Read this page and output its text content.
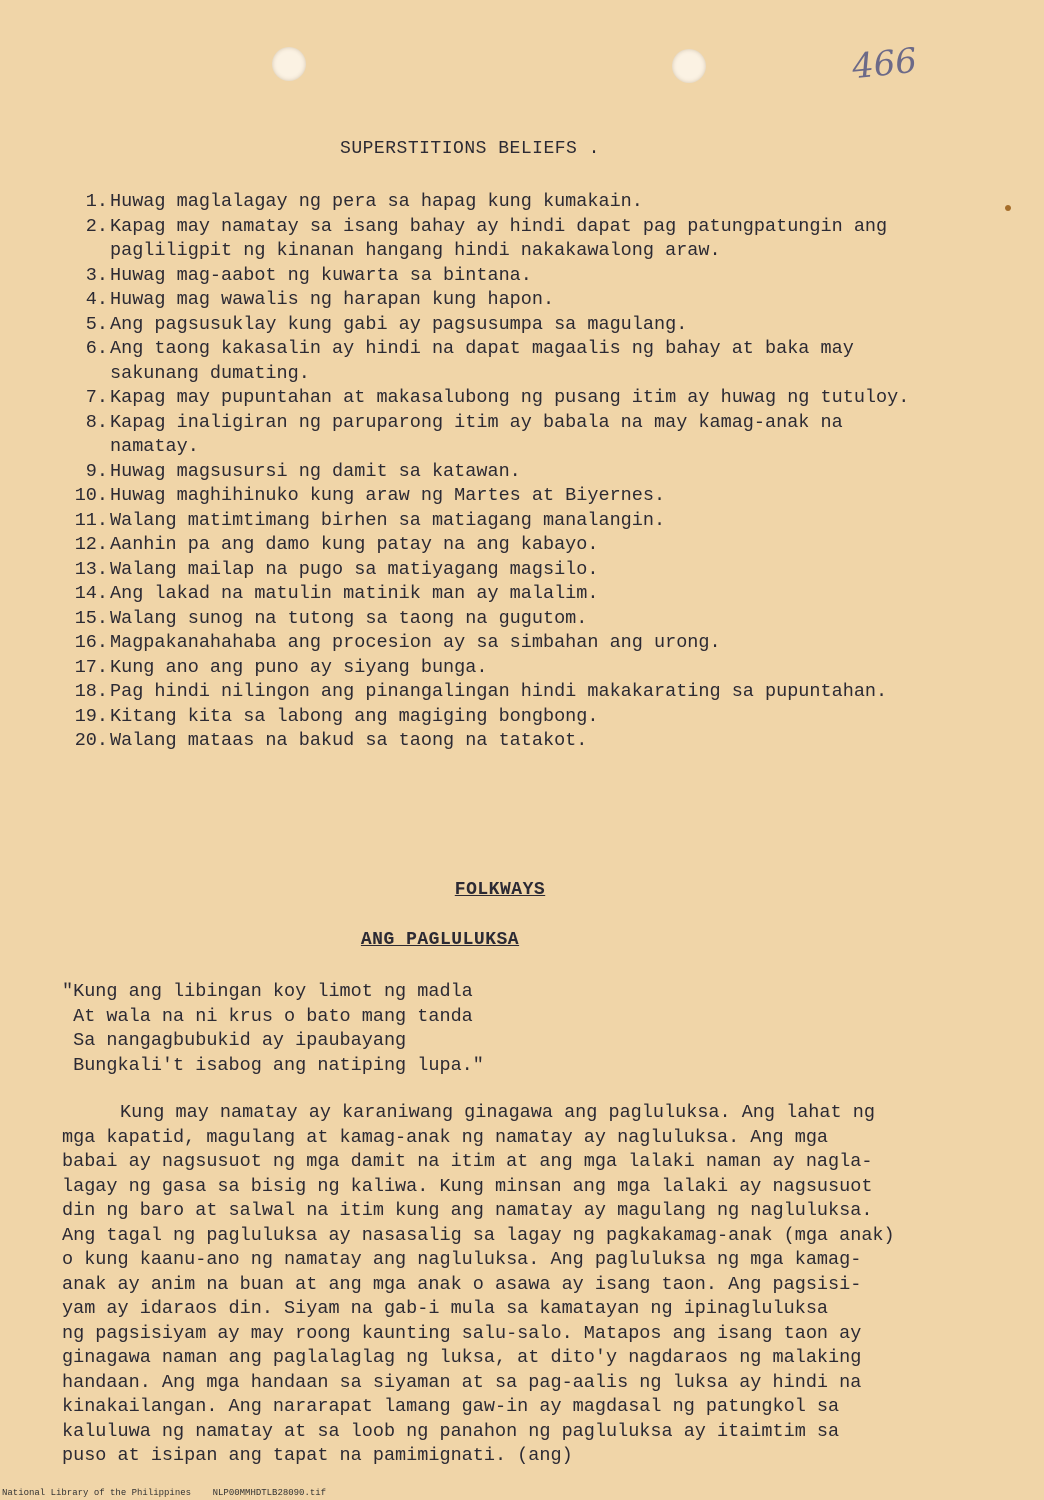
466
SUPERSTITIONS BELIEFS .
1. Huwag maglalagay ng pera sa hapag kung kumakain.
2. Kapag may namatay sa isang bahay ay hindi dapat pag patungpatungin ang
pagliligpit ng kinanan hangang hindi nakakawalong araw.
3. Huwag mag-aabot ng kuwarta sa bintana.
4. Huwag mag wawalis ng harapan kung hapon.
5. Ang pagsusuklay kung gabi ay pagsusumpa sa magulang.
6. Ang taong kakasalin ay hindi na dapat magaalis ng bahay at baka may
sakunang dumating.
7. Kapag may pupuntahan at makasalubong ng pusang itim ay huwag ng tutuloy.
8. Kapag inaligiran ng paruparong itim ay babala na may kamag-anak na
namatay.
9. Huwag magsusursi ng damit sa katawan.
10. Huwag maghihinuko kung araw ng Martes at Biyernes.
11. Walang matimtimang birhen sa matiagang manalangin.
12. Aanhin pa ang damo kung patay na ang kabayo.
13. Walang mailap na pugo sa matiyagang magsilo.
14. Ang lakad na matulin matinik man ay malalim.
15. Walang sunog na tutong sa taong na gugutom.
16. Magpakanahahaba ang procesion ay sa simbahan ang urong.
17. Kung ano ang puno ay siyang bunga.
18. Pag hindi nilingon ang pinangalingan hindi makakarating sa pupuntahan.
19. Kitang kita sa labong ang magiging bongbong.
20. Walang mataas na bakud sa taong na tatakot.
FOLKWAYS
ANG PAGLULUKSA
"Kung ang libingan koy limot ng madla
At wala na ni krus o bato mang tanda
Sa nangagbubukid ay ipaubayang
Bungkali't isabog ang natiping lupa."
Kung may namatay ay karaniwang ginagawa ang pagluluksa. Ang lahat ng
mga kapatid, magulang at kamag-anak ng namatay ay nagluluksa. Ang mga
babai ay nagsusuot ng mga damit na itim at ang mga lalaki naman ay nagla-
lagay ng gasa sa bisig ng kaliwa. Kung minsan ang mga lalaki ay nagsusuot
din ng baro at salwal na itim kung ang namatay ay magulang ng nagluluksa.
Ang tagal ng pagluluksa ay nasasalig sa lagay ng pagkakamag-anak (mga anak)
o kung kaanu-ano ng namatay ang nagluluksa. Ang pagluluksa ng mga kamag-
anak ay anim na buan at ang mga anak o asawa ay isang taon. Ang pagsisi-
yam ay idaraos din. Siyam na gab-i mula sa kamatayan ng ipinagluluksa
ng pagsisiyam ay may roong kaunting salu-salo. Matapos ang isang taon ay
ginagawa naman ang paglalaglag ng luksa, at dito'y nagdaraos ng malaking
handaan. Ang mga handaan sa siyaman at sa pag-aalis ng luksa ay hindi na
kinakailangan. Ang nararapat lamang gaw-in ay magdasal ng patungkol sa
kaluluwa ng namatay at sa loob ng panahon ng pagluluksa ay itaimtim sa
puso at isipan ang tapat na pamimignati. (ang)
National Library of the Philippines    NLP00MMHDTLB28090.tif
